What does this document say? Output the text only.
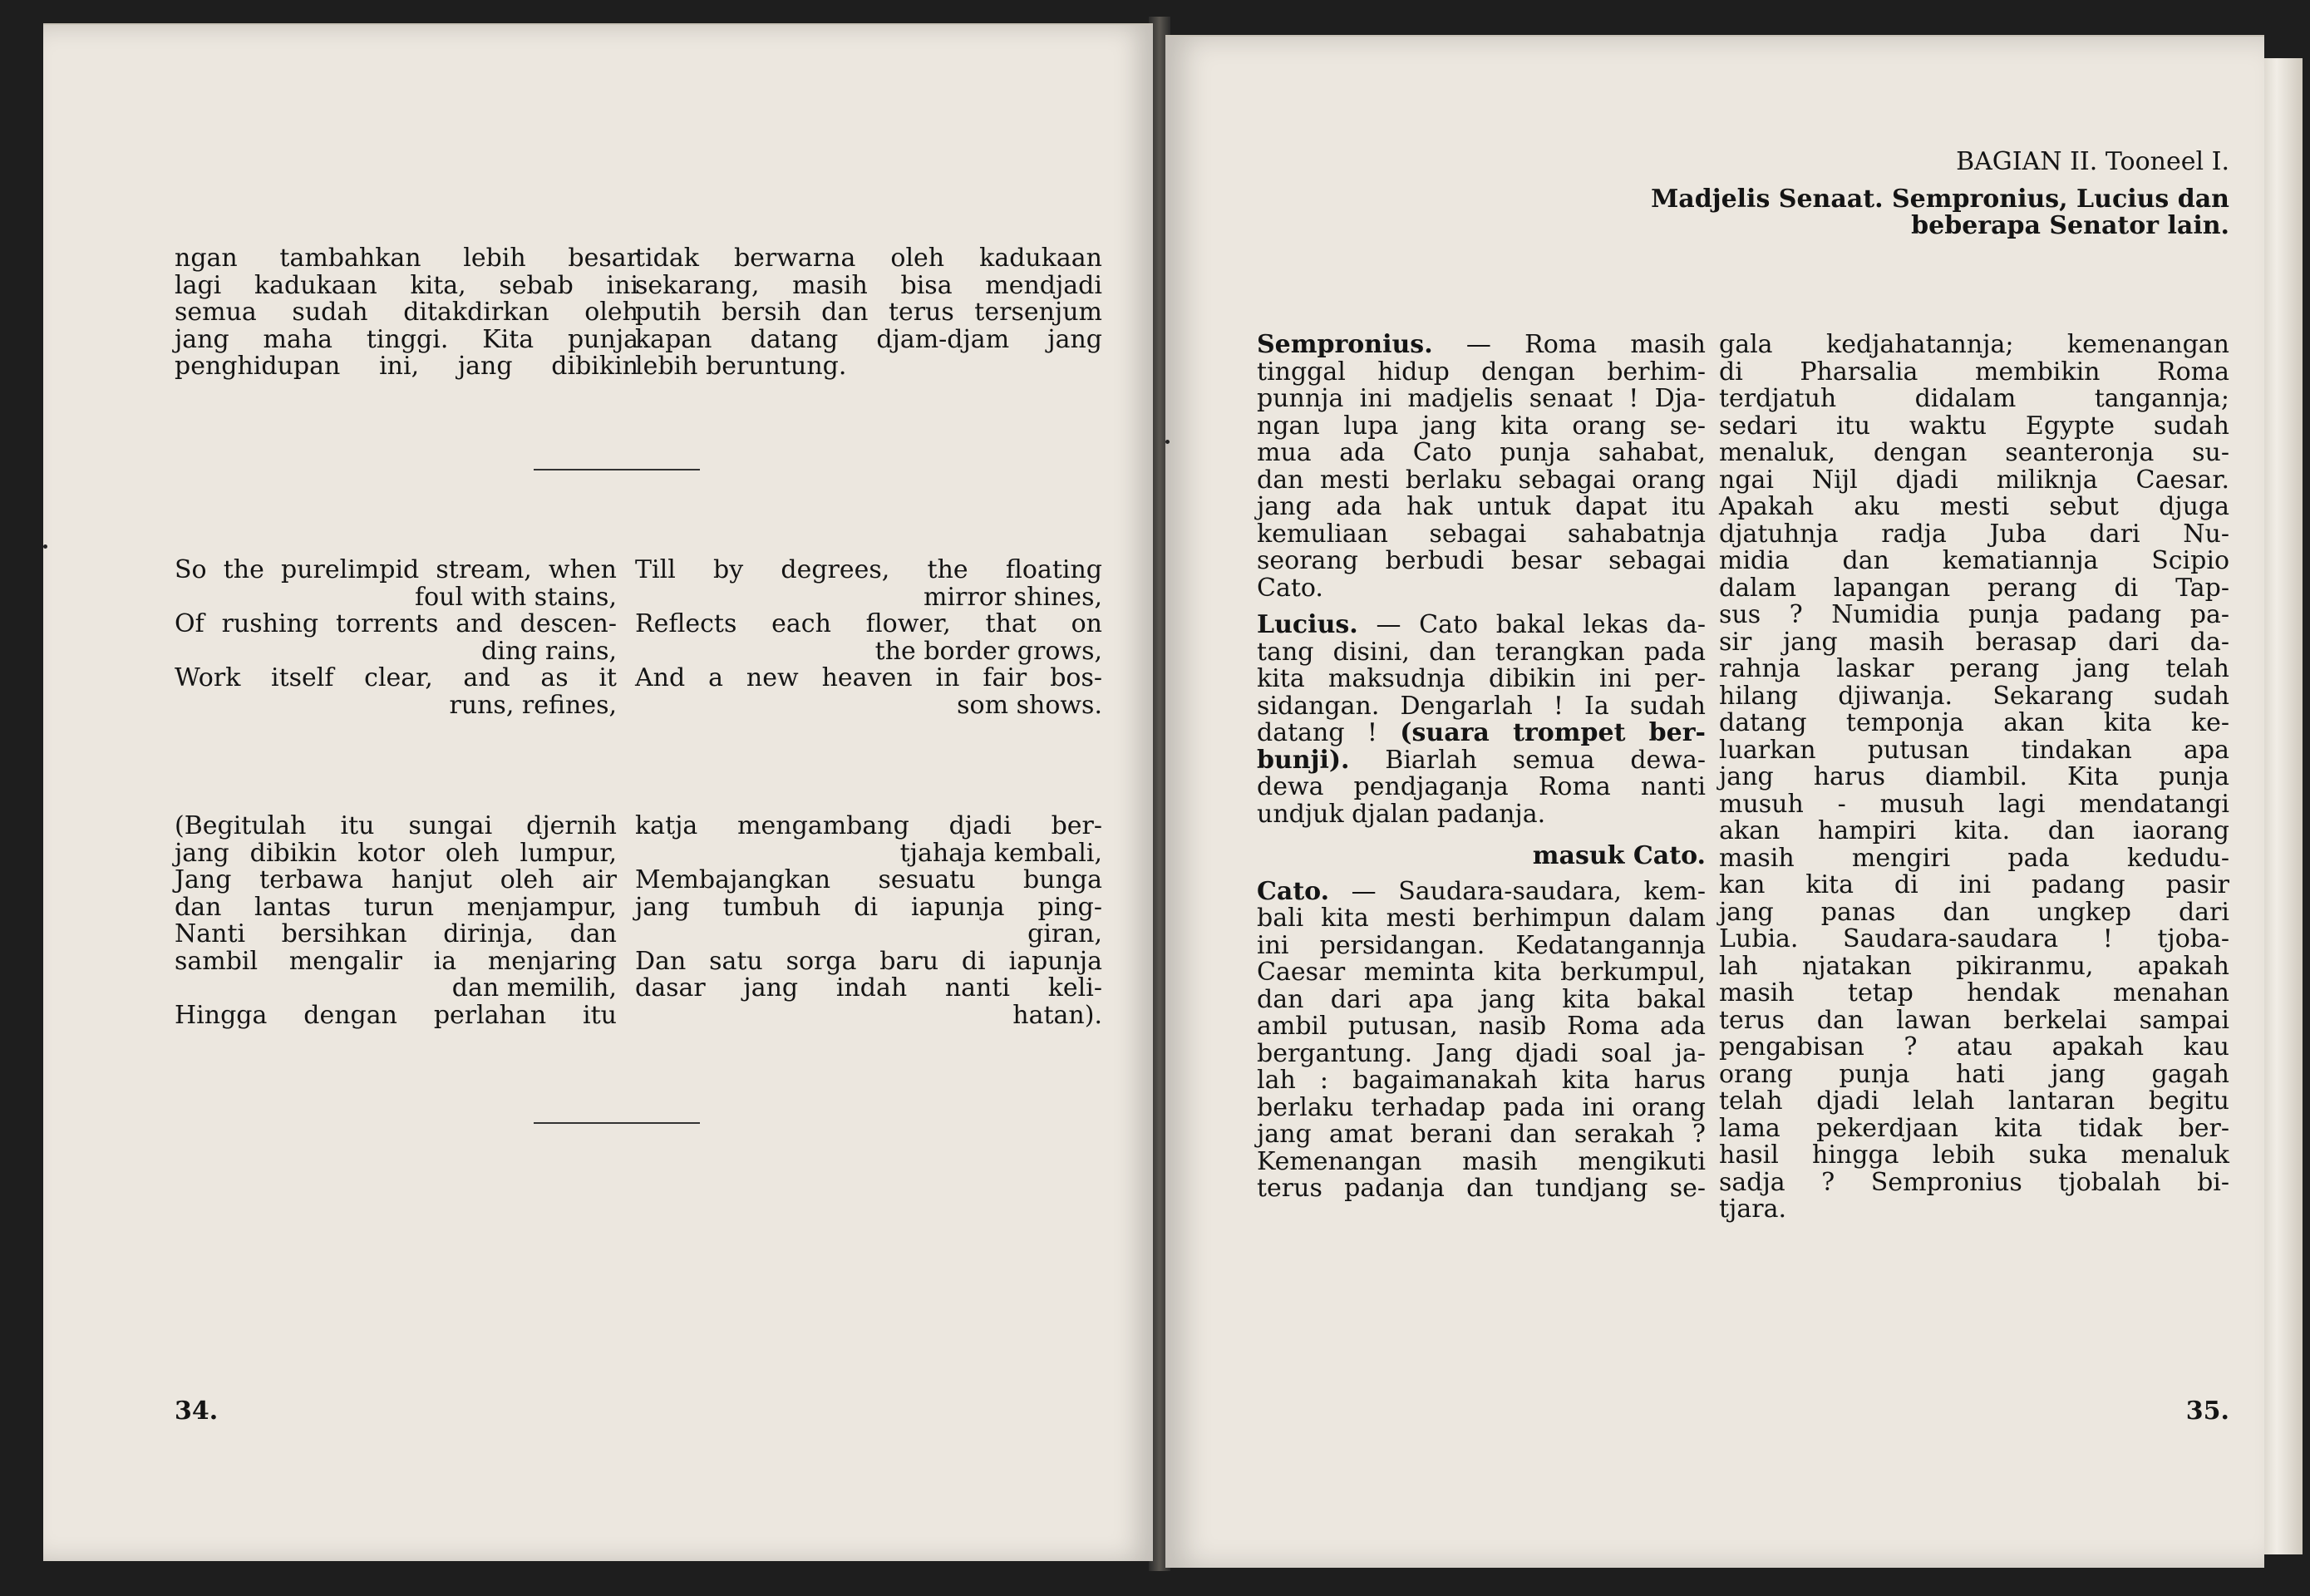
ngan tambahkan lebih besar
lagi kadukaan kita, sebab ini
semua sudah ditakdirkan oleh
jang maha tinggi. Kita punja
penghidupan ini, jang dibikin
tidak berwarna oleh kadukaan
sekarang, masih bisa mendjadi
putih bersih dan terus tersenjum
kapan datang djam-djam jang
lebih beruntung.
So the purelimpid stream, when
foul with stains,
Of rushing torrents and descen-
ding rains,
Work itself clear, and as it
runs, refines,
Till by degrees, the floating
mirror shines,
Reflects each flower, that on
the border grows,
And a new heaven in fair bos-
som shows.
(Begitulah itu sungai djernih
jang dibikin kotor oleh lumpur,
Jang terbawa hanjut oleh air
dan lantas turun menjampur,
Nanti bersihkan dirinja, dan
sambil mengalir ia menjaring
dan memilih,
Hingga dengan perlahan itu
katja mengambang djadi ber-
tjahaja kembali,
Membajangkan sesuatu bunga
jang tumbuh di iapunja ping-
giran,
Dan satu sorga baru di iapunja
dasar jang indah nanti keli-
hatan).
34.
BAGIAN II. Tooneel I.
Madjelis Senaat. Sempronius, Lucius dan
beberapa Senator lain.
Sempronius. — Roma masih
tinggal hidup dengan berhim-
punnja ini madjelis senaat ! Dja-
ngan lupa jang kita orang se-
mua ada Cato punja sahabat,
dan mesti berlaku sebagai orang
jang ada hak untuk dapat itu
kemuliaan sebagai sahabatnja
seorang berbudi besar sebagai
Cato.
Lucius. — Cato bakal lekas da-
tang disini, dan terangkan pada
kita maksudnja dibikin ini per-
sidangan. Dengarlah ! Ia sudah
datang ! (suara trompet ber-
bunji). Biarlah semua dewa-
dewa pendjaganja Roma nanti
undjuk djalan padanja.
masuk Cato.
Cato. — Saudara-saudara, kem-
bali kita mesti berhimpun dalam
ini persidangan. Kedatangannja
Caesar meminta kita berkumpul,
dan dari apa jang kita bakal
ambil putusan, nasib Roma ada
bergantung. Jang djadi soal ja-
lah : bagaimanakah kita harus
berlaku terhadap pada ini orang
jang amat berani dan serakah ?
Kemenangan masih mengikuti
terus padanja dan tundjang se-
gala kedjahatannja; kemenangan
di Pharsalia membikin Roma
terdjatuh didalam tangannja;
sedari itu waktu Egypte sudah
menaluk, dengan seanteronja su-
ngai Nijl djadi miliknja Caesar.
Apakah aku mesti sebut djuga
djatuhnja radja Juba dari Nu-
midia dan kematiannja Scipio
dalam lapangan perang di Tap-
sus ? Numidia punja padang pa-
sir jang masih berasap dari da-
rahnja laskar perang jang telah
hilang djiwanja. Sekarang sudah
datang temponja akan kita ke-
luarkan putusan tindakan apa
jang harus diambil. Kita punja
musuh - musuh lagi mendatangi
akan hampiri kita. dan iaorang
masih mengiri pada kedudu-
kan kita di ini padang pasir
jang panas dan ungkep dari
Lubia. Saudara-saudara ! tjoba-
lah njatakan pikiranmu, apakah
masih tetap hendak menahan
terus dan lawan berkelai sampai
pengabisan ? atau apakah kau
orang punja hati jang gagah
telah djadi lelah lantaran begitu
lama pekerdjaan kita tidak ber-
hasil hingga lebih suka menaluk
sadja ? Sempronius tjobalah bi-
tjara.
35.
